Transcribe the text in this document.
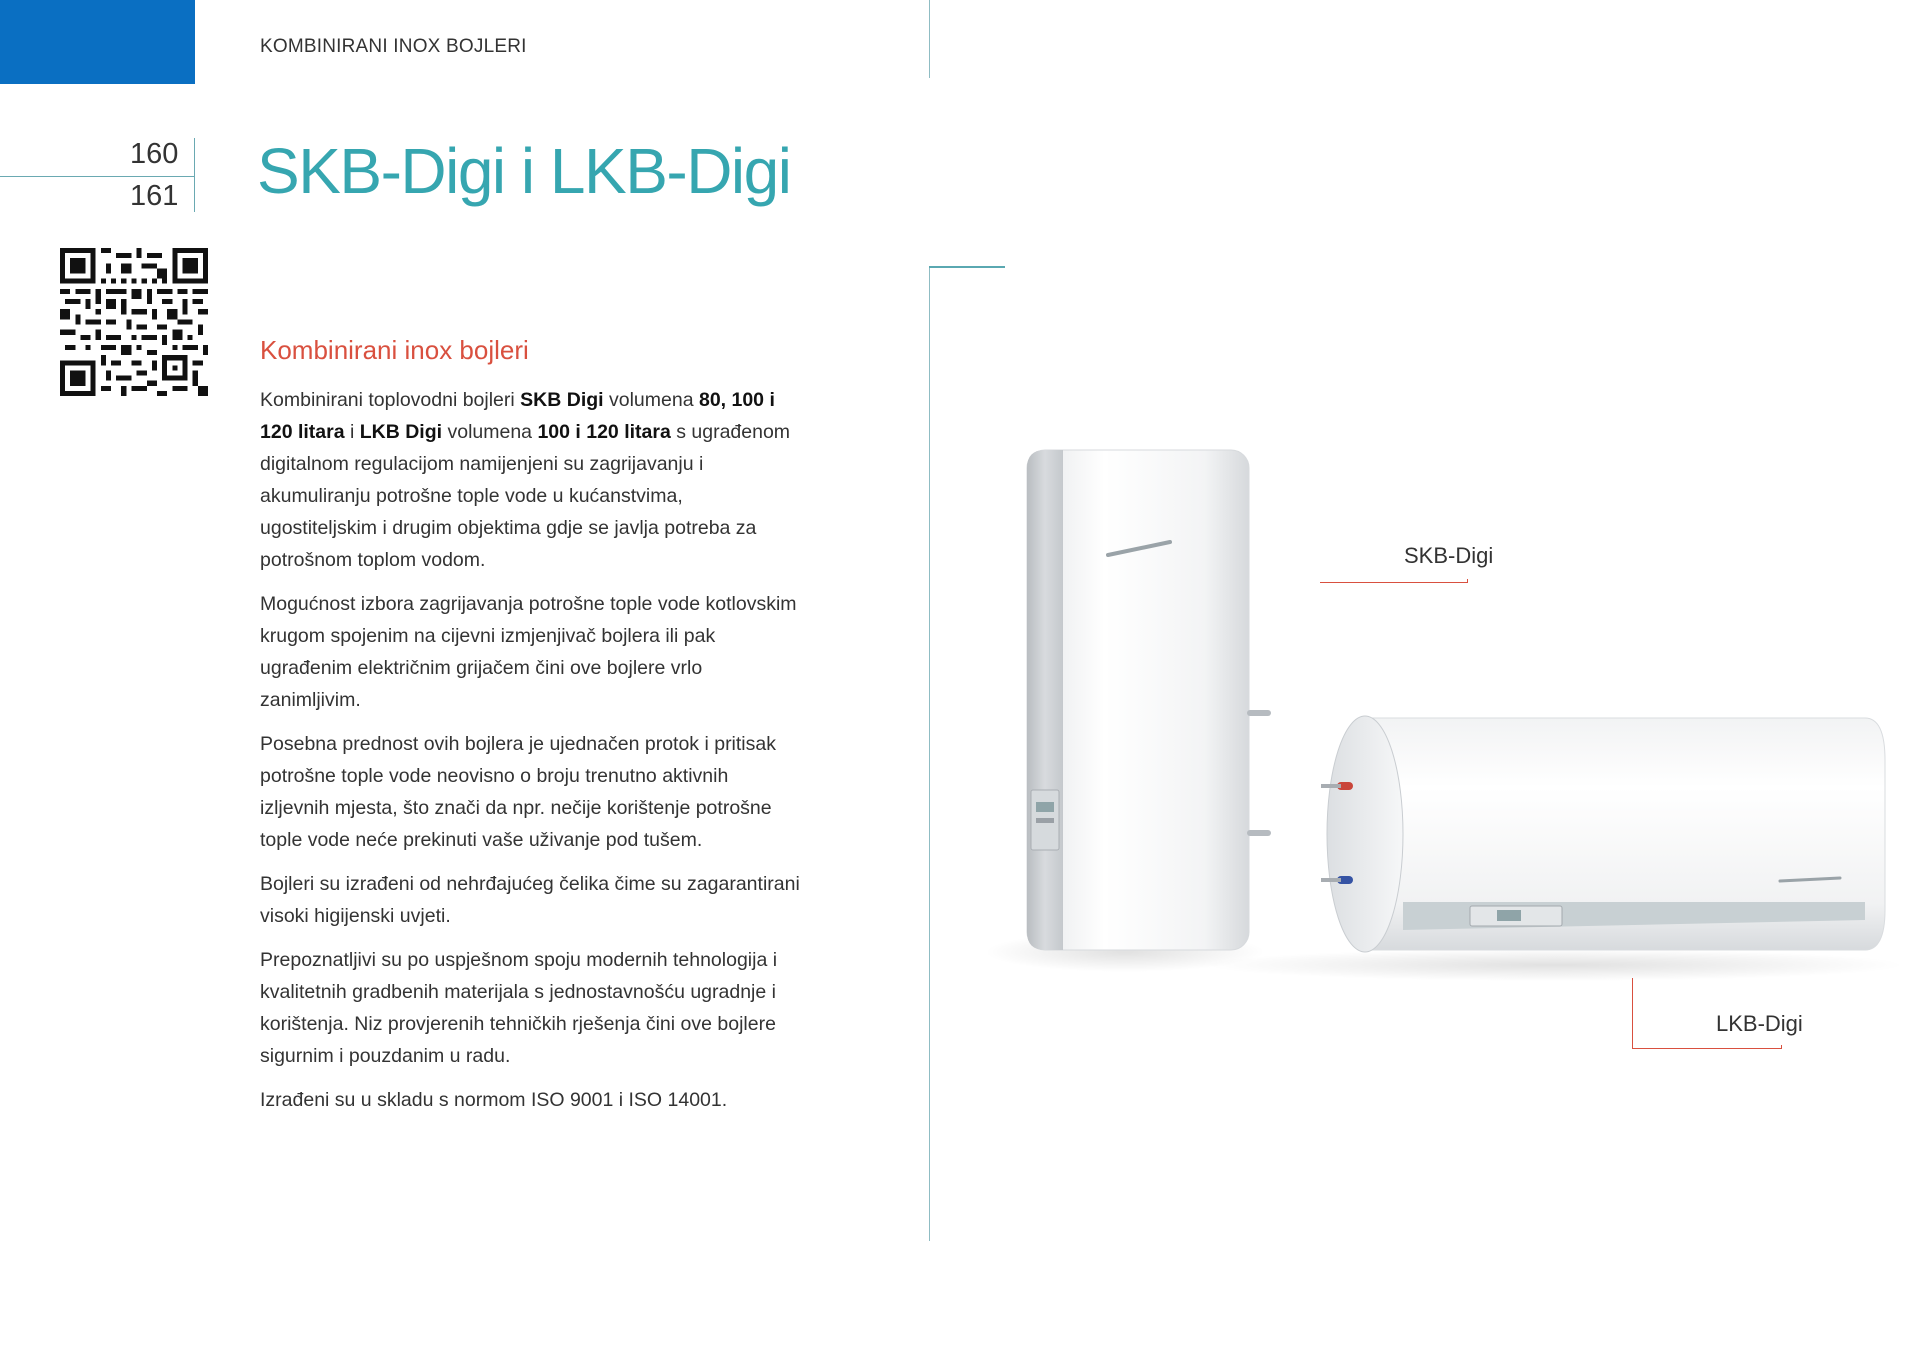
KOMBINIRANI INOX BOJLERI
160
161 SKB-Digi i LKB-Digi
Kombinirani inox bojleri

Kombinirani toplovodni bojleri SKB Digi volumena 80, 100 i 120 litara i LKB Digi volumena 100 i 120 litara s ugrađenom digitalnom regulacijom namijenjeni su zagrijavanju i akumuliranju potrošne tople vode u kućanstvima, ugostiteljskim i drugim objektima gdje se javlja potreba za potrošnom toplom vodom.

Mogućnost izbora zagrijavanja potrošne tople vode kotlovskim krugom spojenim na cijevni izmjenjivač bojlera ili pak ugrađenim električnim grijačem čini ove bojlere vrlo zanimljivim.

Posebna prednost ovih bojlera je ujednačen protok i pritisak potrošne tople vode neovisno o broju trenutno aktivnih izljevnih mjesta, što znači da npr. nečije korištenje potrošne tople vode neće prekinuti vaše uživanje pod tušem.

Bojleri su izrađeni od nehrđajućeg čelika čime su zagarantirani visoki higijenski uvjeti.

Prepoznatljivi su po uspješnom spoju modernih tehnologija i kvalitetnih gradbenih materijala s jednostavnošću ugradnje i korištenja. Niz provjerenih tehničkih rješenja čini ove bojlere sigurnim i pouzdanim u radu.

Izrađeni su u skladu s normom ISO 9001 i ISO 14001.

SKB-Digi
LKB-Digi
